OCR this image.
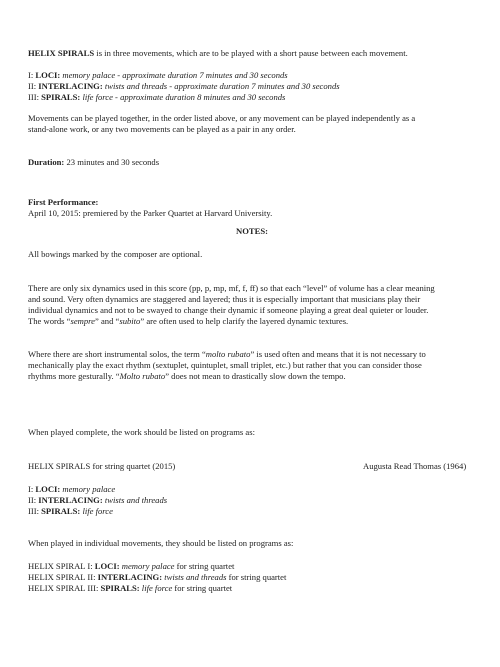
HELIX SPIRALS is in three movements, which are to be played with a short pause between each movement.

I: LOCI: memory palace - approximate duration 7 minutes and 30 seconds
II: INTERLACING: twists and threads - approximate duration 7 minutes and 30 seconds
III: SPIRALS: life force - approximate duration 8 minutes and 30 seconds

Movements can be played together, in the order listed above, or any movement can be played independently as a
stand-alone work, or any two movements can be played as a pair in any order.

Duration: 23 minutes and 30 seconds

First Performance:
April 10, 2015: premiered by the Parker Quartet at Harvard University.

NOTES:

All bowings marked by the composer are optional.

There are only six dynamics used in this score (pp, p, mp, mf, f, ff) so that each “level” of volume has a clear meaning
and sound. Very often dynamics are staggered and layered; thus it is especially important that musicians play their
individual dynamics and not to be swayed to change their dynamic if someone playing a great deal quieter or louder.
The words “sempre” and “subito” are often used to help clarify the layered dynamic textures.

Where there are short instrumental solos, the term “molto rubato” is used often and means that it is not necessary to
mechanically play the exact rhythm (sextuplet, quintuplet, small triplet, etc.) but rather that you can consider those
rhythms more gesturally. “Molto rubato” does not mean to drastically slow down the tempo.

When played complete, the work should be listed on programs as:

HELIX SPIRALS for string quartet (2015)	Augusta Read Thomas (1964)

I: LOCI: memory palace
II: INTERLACING: twists and threads
III: SPIRALS: life force

When played in individual movements, they should be listed on programs as:

HELIX SPIRAL I: LOCI: memory palace for string quartet
HELIX SPIRAL II: INTERLACING: twists and threads for string quartet
HELIX SPIRAL III: SPIRALS: life force for string quartet
